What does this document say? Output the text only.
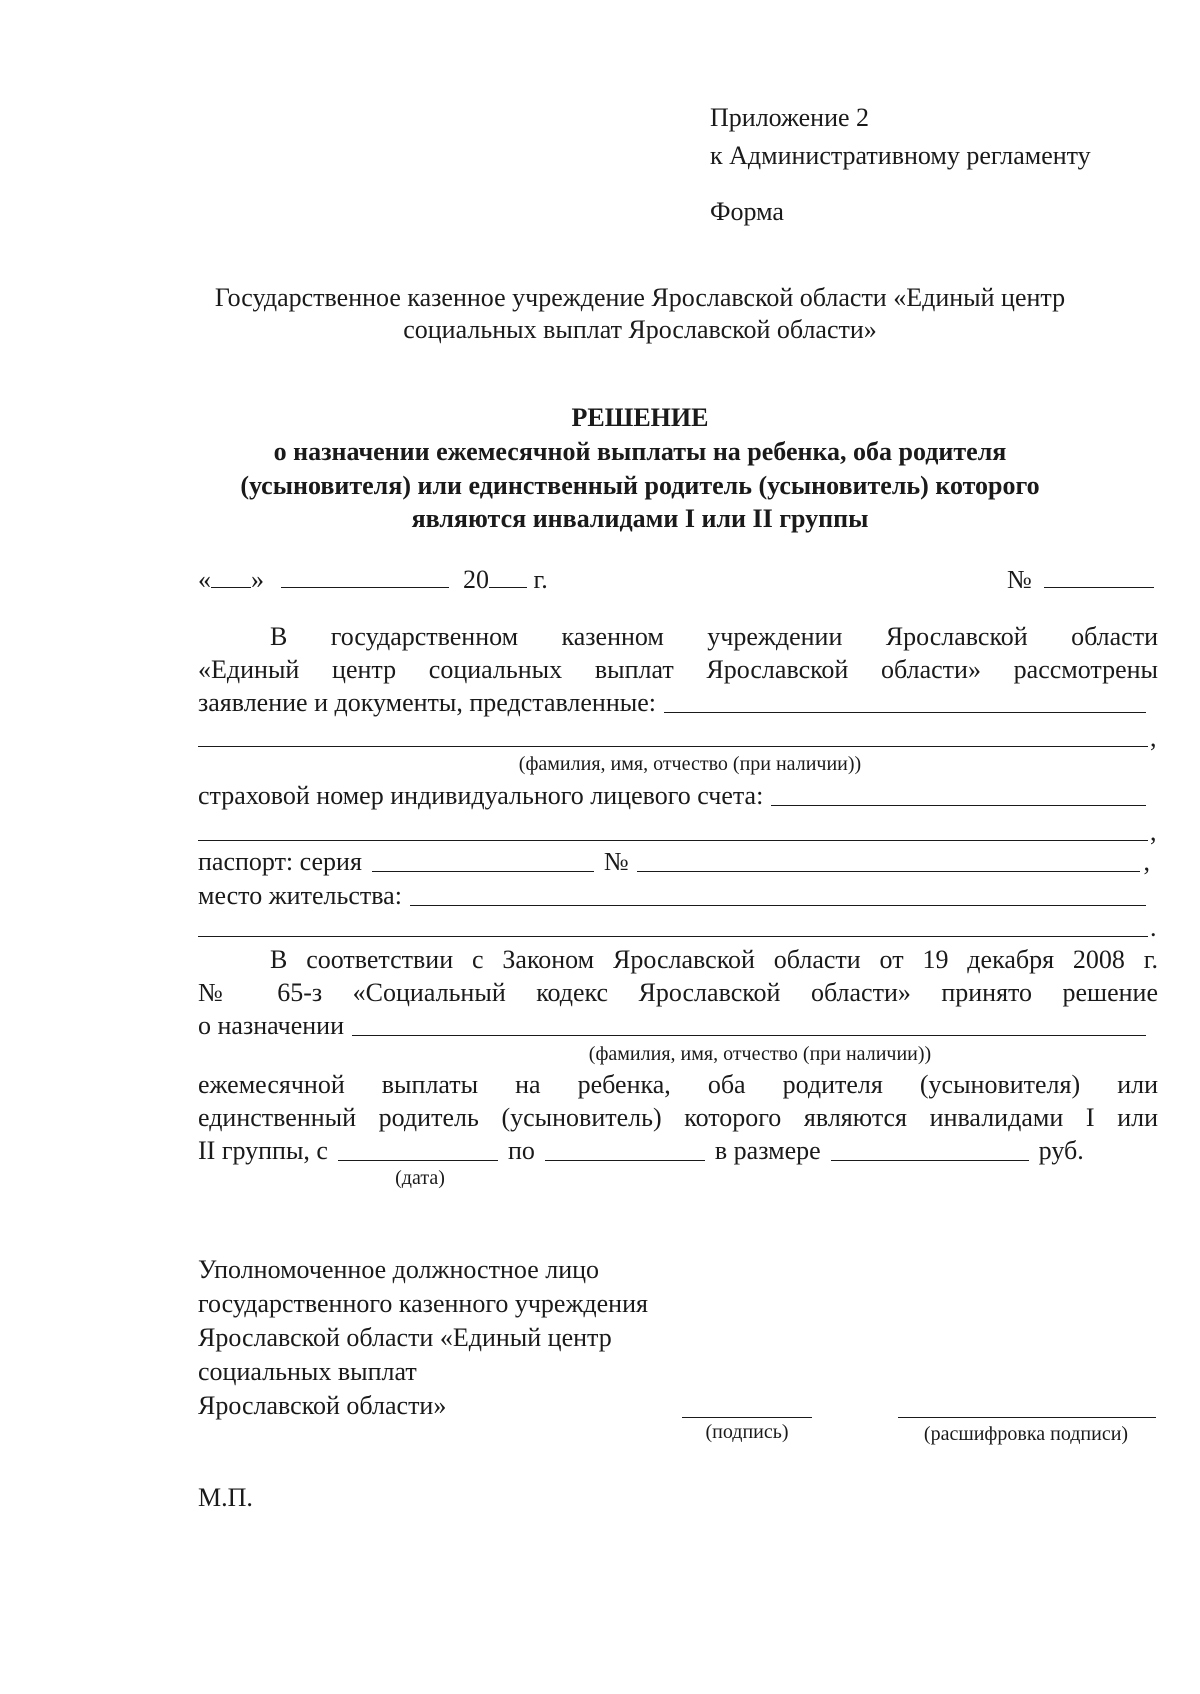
Приложение 2
к Административному регламенту
Форма
Государственное казенное учреждение Ярославской области «Единый центр
социальных выплат Ярославской области»
РЕШЕНИЕ
о назначении ежемесячной выплаты на ребенка, оба родителя
(усыновителя) или единственный родитель (усыновитель) которого
являются инвалидами I или II группы
« »	20 г.	№
В государственном казенном учреждении Ярославской области
«Единый центр социальных выплат Ярославской области» рассмотрены
заявление и документы, представленные:
,
(фамилия, имя, отчество (при наличии))
страховой номер индивидуального лицевого счета:
,
паспорт: серия	№	,
место жительства:
.
В соответствии с Законом Ярославской области от 19 декабря 2008 г.
№ 65-з «Социальный кодекс Ярославской области» принято решение
о назначении
(фамилия, имя, отчество (при наличии))
ежемесячной выплаты на ребенка, оба родителя (усыновителя) или
единственный родитель (усыновитель) которого являются инвалидами I или
II группы, с	по	в размере	руб.
(дата)
Уполномоченное должностное лицо
государственного казенного учреждения
Ярославской области «Единый центр
социальных выплат
Ярославской области»
(подпись)	(расшифровка подписи)
М.П.
